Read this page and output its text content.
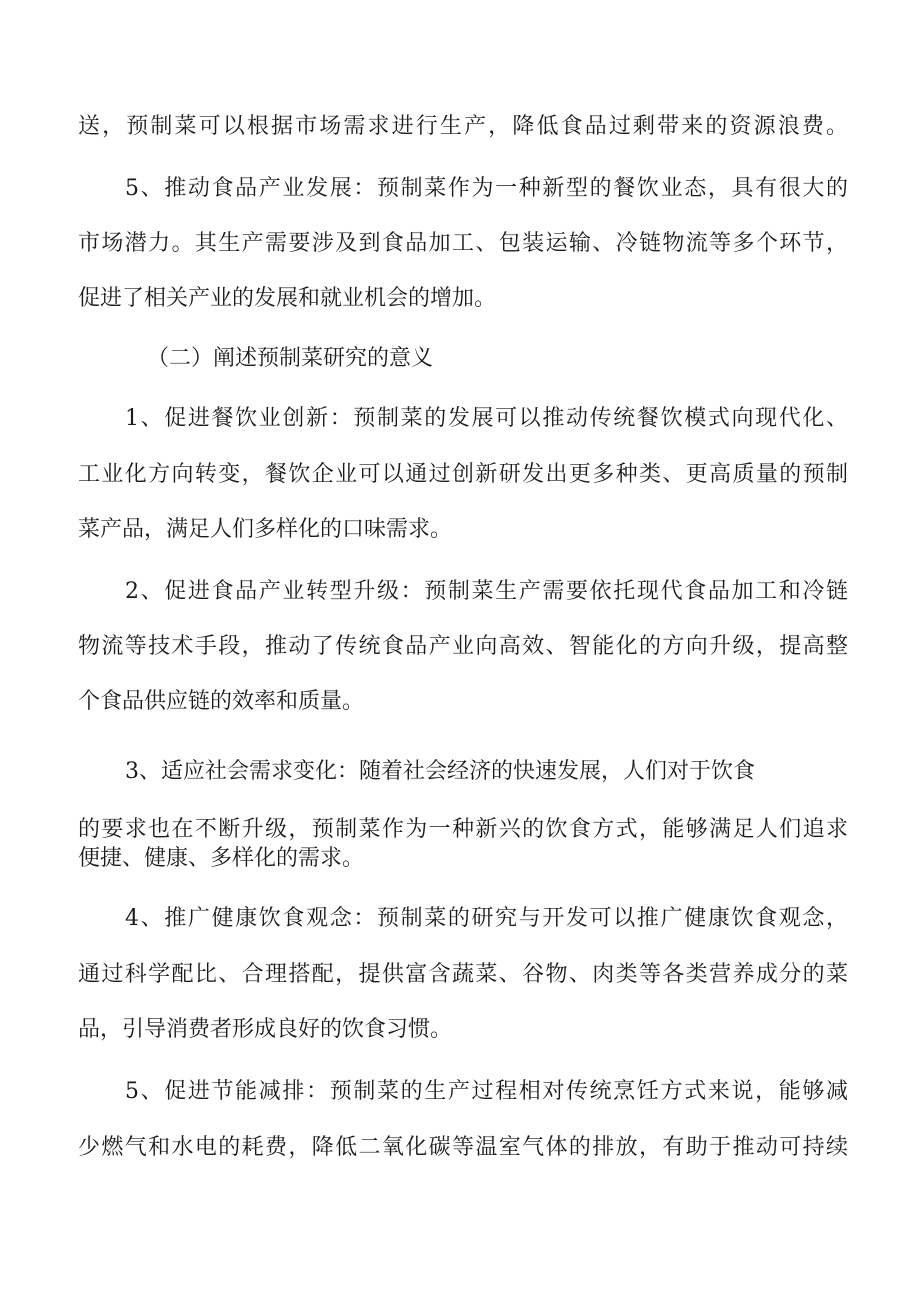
送，预制菜可以根据市场需求进行生产，降低食品过剩带来的资源浪费。
5、推动食品产业发展：预制菜作为一种新型的餐饮业态，具有很大的
市场潜力。其生产需要涉及到食品加工、包装运输、冷链物流等多个环节，
促进了相关产业的发展和就业机会的增加。
（二）阐述预制菜研究的意义
1、促进餐饮业创新：预制菜的发展可以推动传统餐饮模式向现代化、
工业化方向转变，餐饮企业可以通过创新研发出更多种类、更高质量的预制
菜产品，满足人们多样化的口味需求。
2、促进食品产业转型升级：预制菜生产需要依托现代食品加工和冷链
物流等技术手段，推动了传统食品产业向高效、智能化的方向升级，提高整
个食品供应链的效率和质量。
3、适应社会需求变化：随着社会经济的快速发展，人们对于饮食
的要求也在不断升级，预制菜作为一种新兴的饮食方式，能够满足人们追求
便捷、健康、多样化的需求。
4、推广健康饮食观念：预制菜的研究与开发可以推广健康饮食观念，
通过科学配比、合理搭配，提供富含蔬菜、谷物、肉类等各类营养成分的菜
品，引导消费者形成良好的饮食习惯。
5、促进节能减排：预制菜的生产过程相对传统烹饪方式来说，能够减
少燃气和水电的耗费，降低二氧化碳等温室气体的排放，有助于推动可持续
